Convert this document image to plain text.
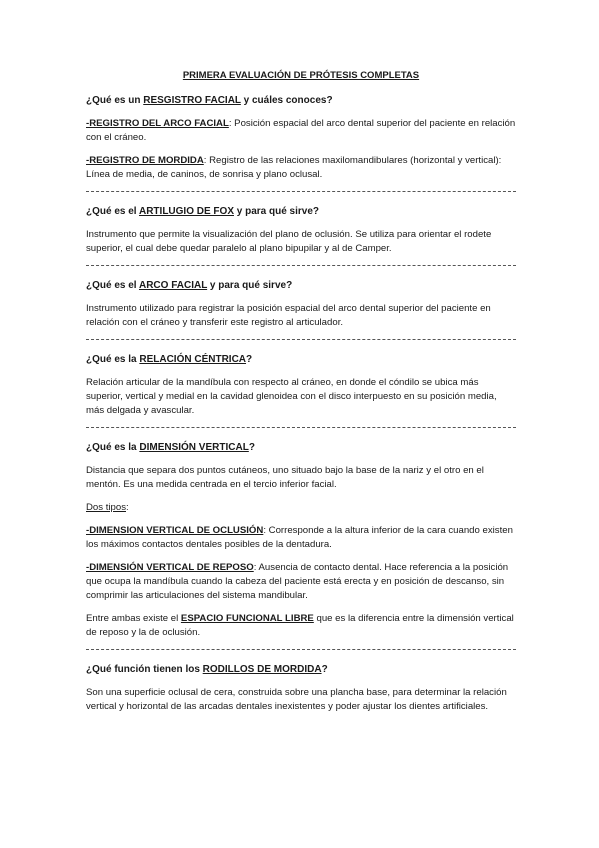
PRIMERA EVALUACIÓN DE PRÓTESIS COMPLETAS
¿Qué es un RESGISTRO FACIAL y cuáles conoces?

-REGISTRO DEL ARCO FACIAL: Posición espacial del arco dental superior del paciente en relación con el cráneo.

-REGISTRO DE MORDIDA: Registro de las relaciones maxilomandibulares (horizontal y vertical): Línea de media, de caninos, de sonrisa y plano oclusal.

¿Qué es el ARTILUGIO DE FOX y para qué sirve?

Instrumento que permite la visualización del plano de oclusión. Se utiliza para orientar el rodete superior, el cual debe quedar paralelo al plano bipupilar y al de Camper.

¿Qué es el ARCO FACIAL y para qué sirve?

Instrumento utilizado para registrar la posición espacial del arco dental superior del paciente en relación con el cráneo y transferir este registro al articulador.

¿Qué es la RELACIÓN CÉNTRICA?

Relación articular de la mandíbula con respecto al cráneo, en donde el cóndilo se ubica más superior, vertical y medial en la cavidad glenoidea con el disco interpuesto en su posición media, más delgada y avascular.

¿Qué es la DIMENSIÓN VERTICAL?

Distancia que separa dos puntos cutáneos, uno situado bajo la base de la nariz y el otro en el mentón. Es una medida centrada en el tercio inferior facial.

Dos tipos:

-DIMENSION VERTICAL DE OCLUSIÓN: Corresponde a la altura inferior de la cara cuando existen los máximos contactos dentales posibles de la dentadura.

-DIMENSIÓN VERTICAL DE REPOSO: Ausencia de contacto dental. Hace referencia a la posición que ocupa la mandíbula cuando la cabeza del paciente está erecta y en posición de descanso, sin comprimir las articulaciones del sistema mandibular.

Entre ambas existe el ESPACIO FUNCIONAL LIBRE que es la diferencia entre la dimensión vertical de reposo y la de oclusión.

¿Qué función tienen los RODILLOS DE MORDIDA?

Son una superficie oclusal de cera, construida sobre una plancha base, para determinar la relación vertical y horizontal de las arcadas dentales inexistentes y poder ajustar los dientes artificiales.
